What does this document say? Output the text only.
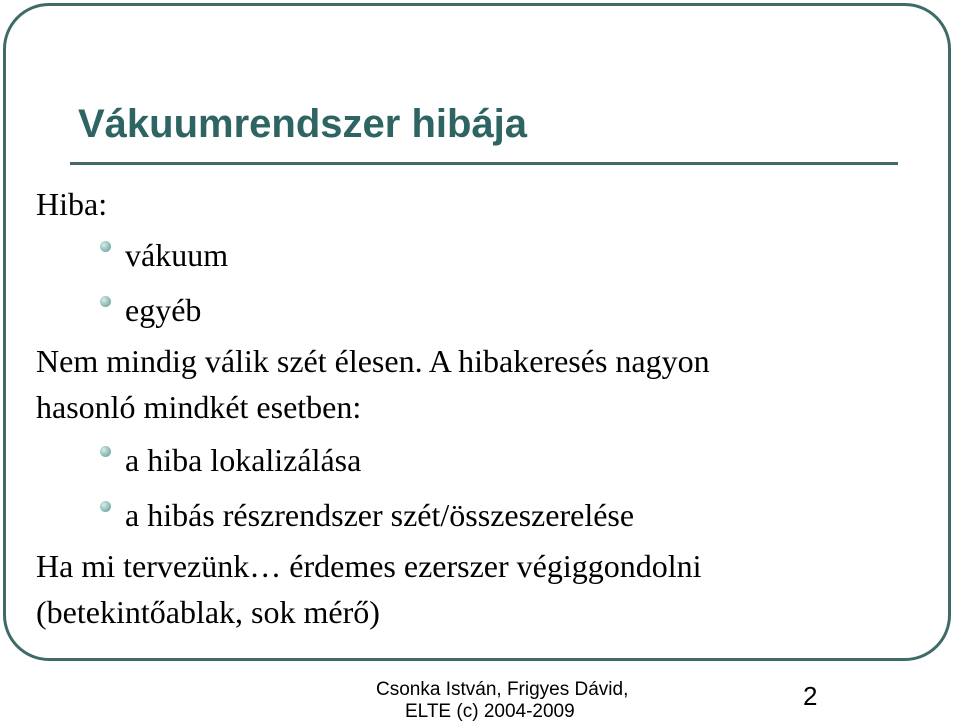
Vákuumrendszer hibája
Hiba:
vákuum
egyéb
Nem mindig válik szét élesen. A hibakeresés nagyon
hasonló mindkét esetben:
a hiba lokalizálása
a hibás részrendszer szét/összeszerelése
Ha mi tervezünk… érdemes ezerszer végiggondolni
(betekintőablak, sok mérő)
Csonka István, Frigyes Dávid,
ELTE (c) 2004-2009
2
